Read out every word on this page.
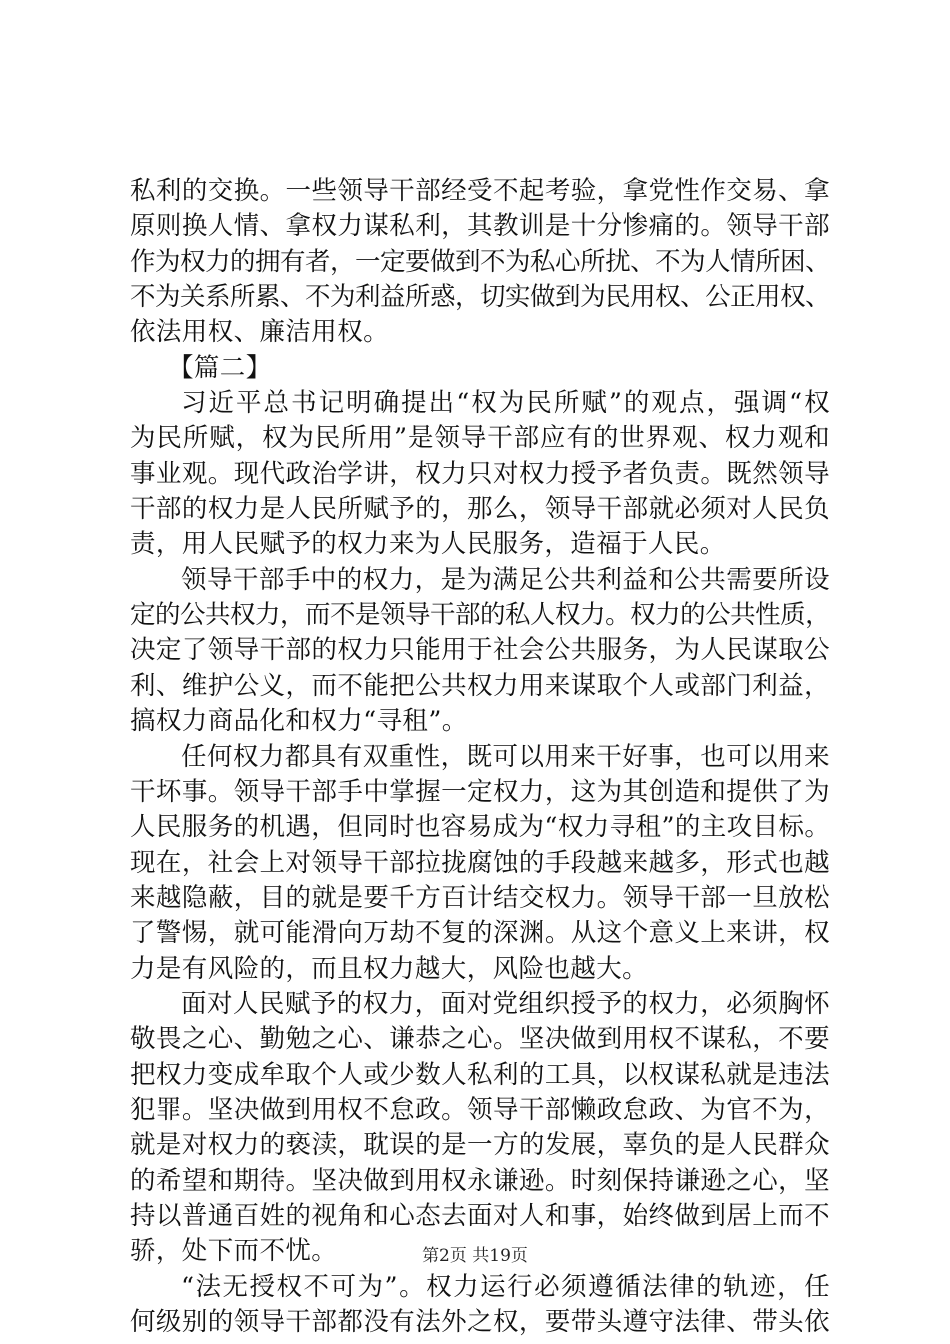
私利的交换。一些领导干部经受不起考验，拿党性作交易、拿
原则换人情、拿权力谋私利，其教训是十分惨痛的。领导干部
作为权力的拥有者，一定要做到不为私心所扰、不为人情所困、
不为关系所累、不为利益所惑，切实做到为民用权、公正用权、
依法用权、廉洁用权。
【篇二】
习近平总书记明确提出“权为民所赋”的观点，强调“权
为民所赋，权为民所用”是领导干部应有的世界观、权力观和
事业观。现代政治学讲，权力只对权力授予者负责。既然领导
干部的权力是人民所赋予的，那么，领导干部就必须对人民负
责，用人民赋予的权力来为人民服务，造福于人民。
领导干部手中的权力，是为满足公共利益和公共需要所设
定的公共权力，而不是领导干部的私人权力。权力的公共性质，
决定了领导干部的权力只能用于社会公共服务，为人民谋取公
利、维护公义，而不能把公共权力用来谋取个人或部门利益，
搞权力商品化和权力“寻租”。
任何权力都具有双重性，既可以用来干好事，也可以用来
干坏事。领导干部手中掌握一定权力，这为其创造和提供了为
人民服务的机遇，但同时也容易成为“权力寻租”的主攻目标。
现在，社会上对领导干部拉拢腐蚀的手段越来越多，形式也越
来越隐蔽，目的就是要千方百计结交权力。领导干部一旦放松
了警惕，就可能滑向万劫不复的深渊。从这个意义上来讲，权
力是有风险的，而且权力越大，风险也越大。
面对人民赋予的权力，面对党组织授予的权力，必须胸怀
敬畏之心、勤勉之心、谦恭之心。坚决做到用权不谋私，不要
把权力变成牟取个人或少数人私利的工具，以权谋私就是违法
犯罪。坚决做到用权不怠政。领导干部懒政怠政、为官不为，
就是对权力的亵渎，耽误的是一方的发展，辜负的是人民群众
的希望和期待。坚决做到用权永谦逊。时刻保持谦逊之心，坚
持以普通百姓的视角和心态去面对人和事，始终做到居上而不
骄，处下而不忧。
“法无授权不可为”。权力运行必须遵循法律的轨迹，任
何级别的领导干部都没有法外之权，要带头遵守法律、带头依
第2页 共19页
